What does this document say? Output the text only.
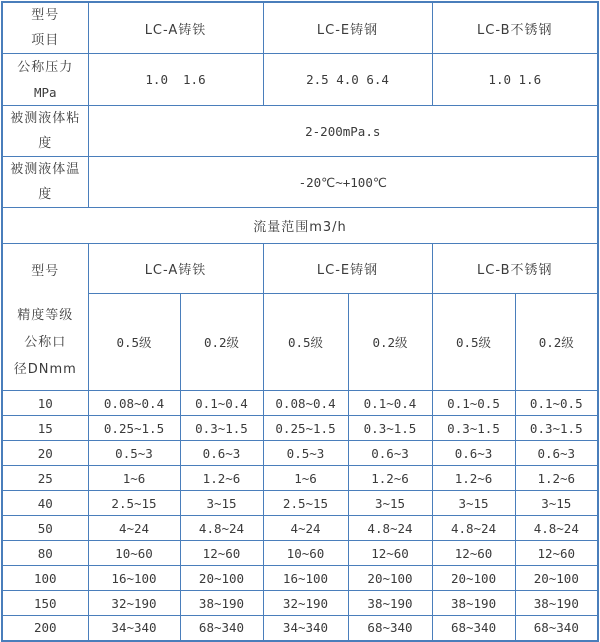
型号
项目	LC-A铸铁		LC-E铸钢		LC-B不锈钢	

公称压力
MPa	1.0  1.6		2.5 4.0 6.4		1.0 1.6	

被测液体粘
度	2-200mPa.s					

被测液体温
度	-20℃~+100℃					
流量范围m3/h						

型号
精度等级
公称口
径DNmm	LC-A铸铁		LC-E铸钢		LC-B不锈钢	
	0.5级	0.2级	0.5级	0.2级	0.5级	0.2级
10	0.08~0.4	0.1~0.4	0.08~0.4	0.1~0.4	0.1~0.5	0.1~0.5
15	0.25~1.5	0.3~1.5	0.25~1.5	0.3~1.5	0.3~1.5	0.3~1.5
20	0.5~3	0.6~3	0.5~3	0.6~3	0.6~3	0.6~3
25	1~6	1.2~6	1~6	1.2~6	1.2~6	1.2~6
40	2.5~15	3~15	2.5~15	3~15	3~15	3~15
50	4~24	4.8~24	4~24	4.8~24	4.8~24	4.8~24
80	10~60	12~60	10~60	12~60	12~60	12~60
100	16~100	20~100	16~100	20~100	20~100	20~100
150	32~190	38~190	32~190	38~190	38~190	38~190
200	34~340	68~340	34~340	68~340	68~340	68~340
